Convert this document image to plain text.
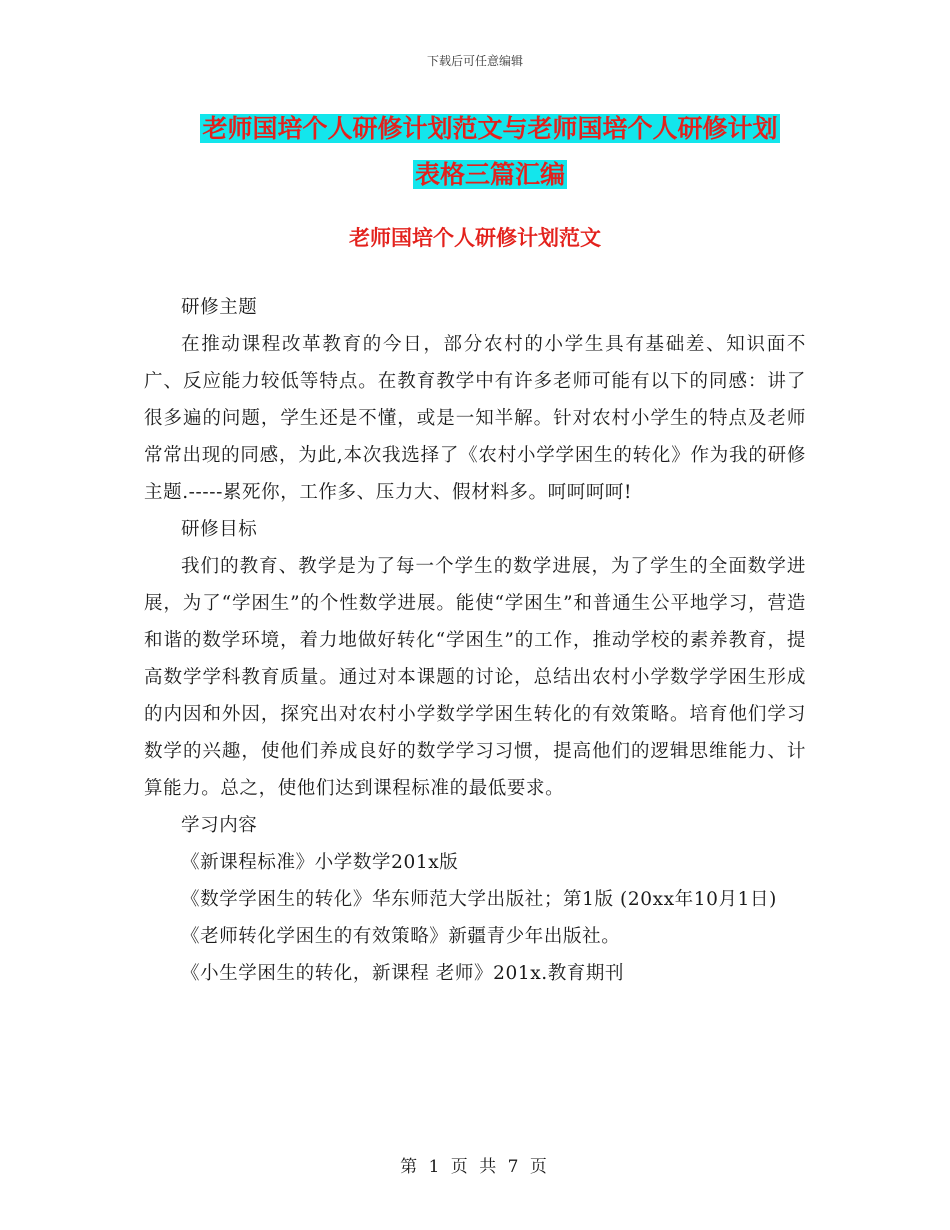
下载后可任意编辑
老师国培个人研修计划范文与老师国培个人研修计划
表格三篇汇编
老师国培个人研修计划范文

研修主题

在推动课程改革教育的今日，部分农村的小学生具有基础差、知识面不广、反应能力较低等特点。在教育教学中有许多老师可能有以下的同感：讲了很多遍的问题，学生还是不懂，或是一知半解。针对农村小学生的特点及老师常常出现的同感，为此,本次我选择了《农村小学学困生的转化》作为我的研修主题.-----累死你，工作多、压力大、假材料多。呵呵呵呵!

研修目标

我们的教育、教学是为了每一个学生的数学进展，为了学生的全面数学进展，为了“学困生”的个性数学进展。能使“学困生”和普通生公平地学习，营造和谐的数学环境，着力地做好转化“学困生”的工作，推动学校的素养教育，提高数学学科教育质量。通过对本课题的讨论，总结出农村小学数学学困生形成的内因和外因，探究出对农村小学数学学困生转化的有效策略。培育他们学习数学的兴趣，使他们养成良好的数学学习习惯，提高他们的逻辑思维能力、计算能力。总之，使他们达到课程标准的最低要求。

学习内容

《新课程标准》小学数学201x版

《数学学困生的转化》华东师范大学出版社；第1版 (20xx年10月1日)

《老师转化学困生的有效策略》新疆青少年出版社。

《小生学困生的转化，新课程 老师》201x.教育期刊

第 1 页 共 7 页
